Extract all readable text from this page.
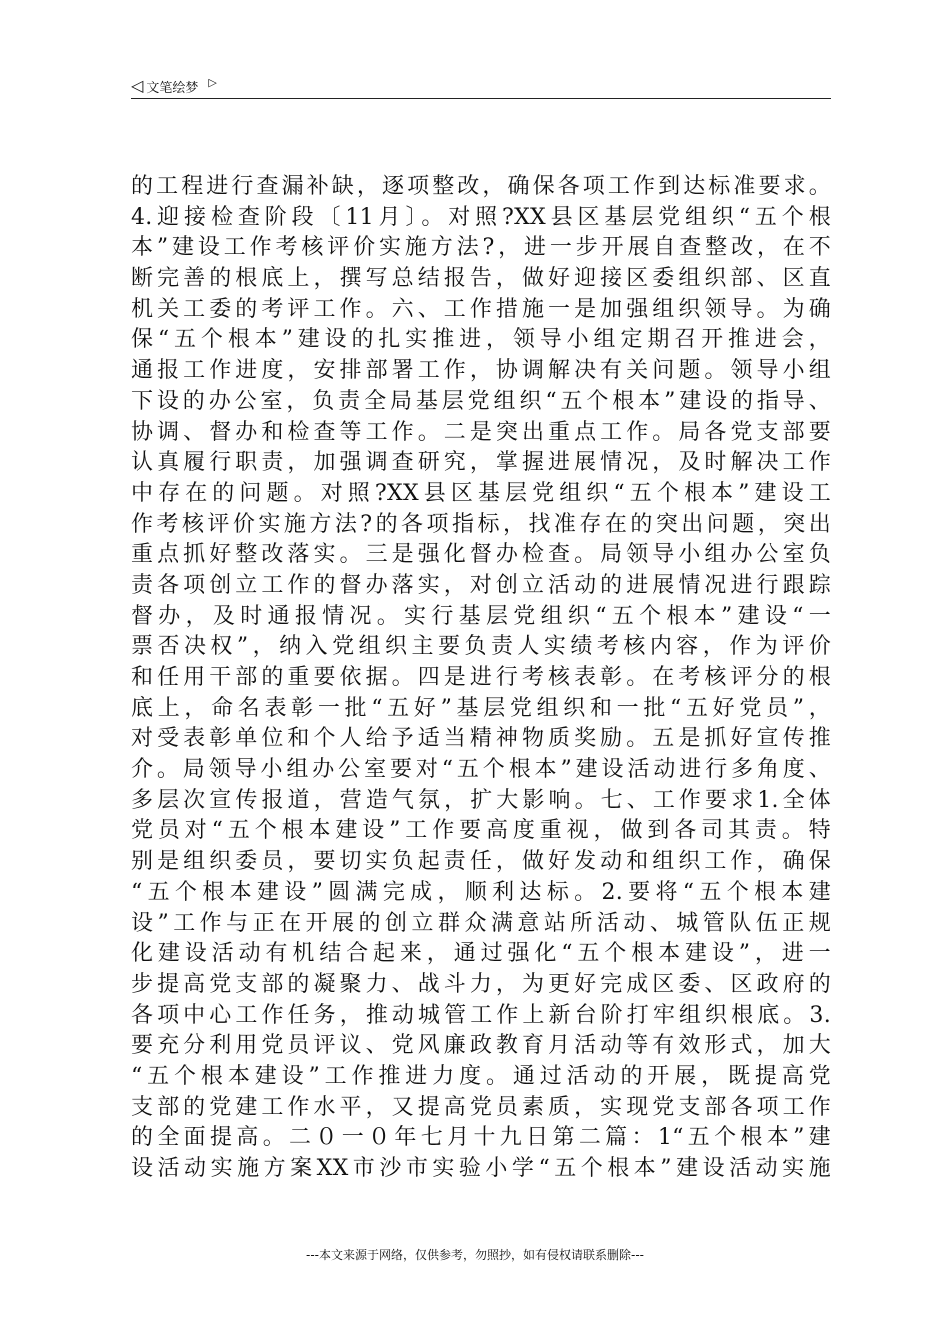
◁ 文笔绘梦 ▷
的工程进行查漏补缺，逐项整改，确保各项工作到达标准要求。
4.迎接检查阶段〔11月〕。对照?XX县区基层党组织“五个根
本”建设工作考核评价实施方法?，进一步开展自查整改，在不
断完善的根底上，撰写总结报告，做好迎接区委组织部、区直
机关工委的考评工作。六、工作措施一是加强组织领导。为确
保“五个根本”建设的扎实推进，领导小组定期召开推进会，
通报工作进度，安排部署工作，协调解决有关问题。领导小组
下设的办公室，负责全局基层党组织“五个根本”建设的指导、
协调、督办和检查等工作。二是突出重点工作。局各党支部要
认真履行职责，加强调查研究，掌握进展情况，及时解决工作
中存在的问题。对照?XX县区基层党组织“五个根本”建设工
作考核评价实施方法?的各项指标，找准存在的突出问题，突出
重点抓好整改落实。三是强化督办检查。局领导小组办公室负
责各项创立工作的督办落实，对创立活动的进展情况进行跟踪
督办，及时通报情况。实行基层党组织“五个根本”建设“一
票否决权”，纳入党组织主要负责人实绩考核内容，作为评价
和任用干部的重要依据。四是进行考核表彰。在考核评分的根
底上，命名表彰一批“五好”基层党组织和一批“五好党员”，
对受表彰单位和个人给予适当精神物质奖励。五是抓好宣传推
介。局领导小组办公室要对“五个根本”建设活动进行多角度、
多层次宣传报道，营造气氛，扩大影响。七、工作要求1.全体
党员对“五个根本建设”工作要高度重视，做到各司其责。特
别是组织委员，要切实负起责任，做好发动和组织工作，确保
“五个根本建设”圆满完成，顺利达标。2.要将“五个根本建
设”工作与正在开展的创立群众满意站所活动、城管队伍正规
化建设活动有机结合起来，通过强化“五个根本建设”，进一
步提高党支部的凝聚力、战斗力，为更好完成区委、区政府的
各项中心工作任务，推动城管工作上新台阶打牢组织根底。3.
要充分利用党员评议、党风廉政教育月活动等有效形式，加大
“五个根本建设”工作推进力度。通过活动的开展，既提高党
支部的党建工作水平，又提高党员素质，实现党支部各项工作
的全面提高。二０一０年七月十九日第二篇：1“五个根本”建
设活动实施方案XX市沙市实验小学“五个根本”建设活动实施
---本文来源于网络，仅供参考，勿照抄，如有侵权请联系删除---
